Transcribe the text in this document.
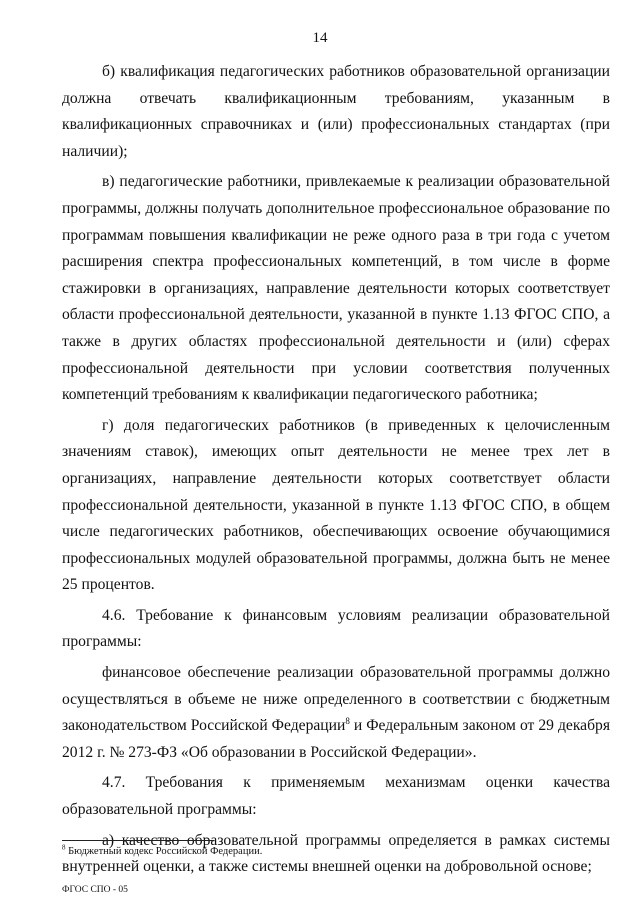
14

б) квалификация педагогических работников образовательной организации должна отвечать квалификационным требованиям, указанным в квалификационных справочниках и (или) профессиональных стандартах (при наличии);

в) педагогические работники, привлекаемые к реализации образовательной программы, должны получать дополнительное профессиональное образование по программам повышения квалификации не реже одного раза в три года с учетом расширения спектра профессиональных компетенций, в том числе в форме стажировки в организациях, направление деятельности которых соответствует области профессиональной деятельности, указанной в пункте 1.13 ФГОС СПО, а также в других областях профессиональной деятельности и (или) сферах профессиональной деятельности при условии соответствия полученных компетенций требованиям к квалификации педагогического работника;

г) доля педагогических работников (в приведенных к целочисленным значениям ставок), имеющих опыт деятельности не менее трех лет в организациях, направление деятельности которых соответствует области профессиональной деятельности, указанной в пункте 1.13 ФГОС СПО, в общем числе педагогических работников, обеспечивающих освоение обучающимися профессиональных модулей образовательной программы, должна быть не менее 25 процентов.

4.6. Требование к финансовым условиям реализации образовательной программы:

финансовое обеспечение реализации образовательной программы должно осуществляться в объеме не ниже определенного в соответствии с бюджетным законодательством Российской Федерации$^8$ и Федеральным законом от 29 декабря 2012 г. № 273-ФЗ «Об образовании в Российской Федерации».

4.7. Требования к применяемым механизмам оценки качества образовательной программы:

а) качество образовательной программы определяется в рамках системы внутренней оценки, а также системы внешней оценки на добровольной основе;

$^8$ Бюджетный кодекс Российской Федерации.
ФГОС СПО - 05
